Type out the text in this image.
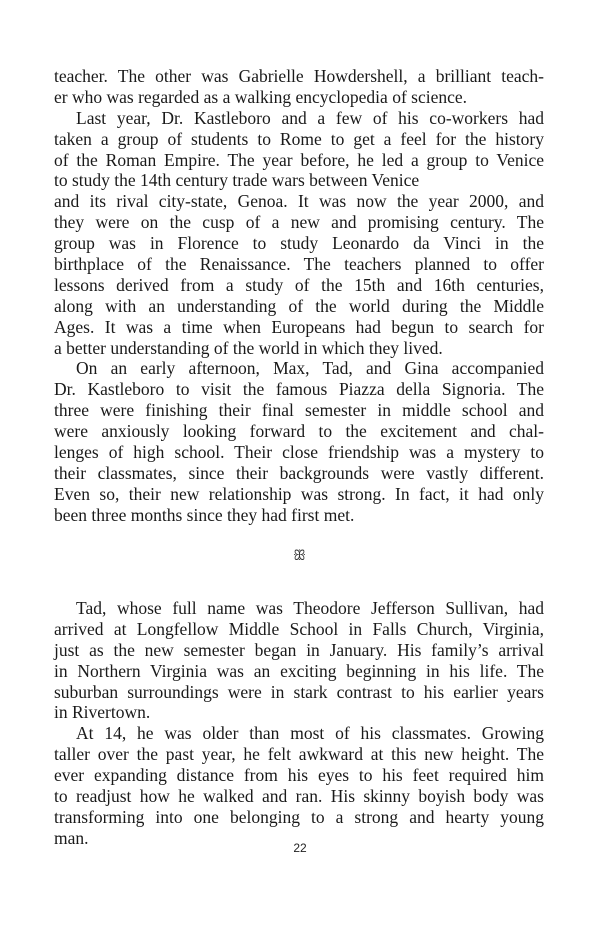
teacher. The other was Gabrielle Howdershell, a brilliant teach-
er who was regarded as a walking encyclopedia of science.
Last year, Dr. Kastleboro and a few of his co-workers had
taken a group of students to Rome to get a feel for the history
of the Roman Empire. The year before, he led a group to Venice
to study the 14th century trade wars between Venice
and its rival city-state, Genoa. It was now the year 2000, and
they were on the cusp of a new and promising century. The
group was in Florence to study Leonardo da Vinci in the
birthplace of the Renaissance. The teachers planned to offer
lessons derived from a study of the 15th and 16th centuries,
along with an understanding of the world during the Middle
Ages. It was a time when Europeans had begun to search for
a better understanding of the world in which they lived.
On an early afternoon, Max, Tad, and Gina accompanied
Dr. Kastleboro to visit the famous Piazza della Signoria. The
three were finishing their final semester in middle school and
were anxiously looking forward to the excitement and chal-
lenges of high school. Their close friendship was a mystery to
their classmates, since their backgrounds were vastly different.
Even so, their new relationship was strong. In fact, it had only
been three months since they had first met.
ꕥ
Tad, whose full name was Theodore Jefferson Sullivan, had
arrived at Longfellow Middle School in Falls Church, Virginia,
just as the new semester began in January. His family’s arrival
in Northern Virginia was an exciting beginning in his life. The
suburban surroundings were in stark contrast to his earlier years
in Rivertown.
At 14, he was older than most of his classmates. Growing
taller over the past year, he felt awkward at this new height. The
ever expanding distance from his eyes to his feet required him
to readjust how he walked and ran. His skinny boyish body was
transforming into one belonging to a strong and hearty young
man.
22
